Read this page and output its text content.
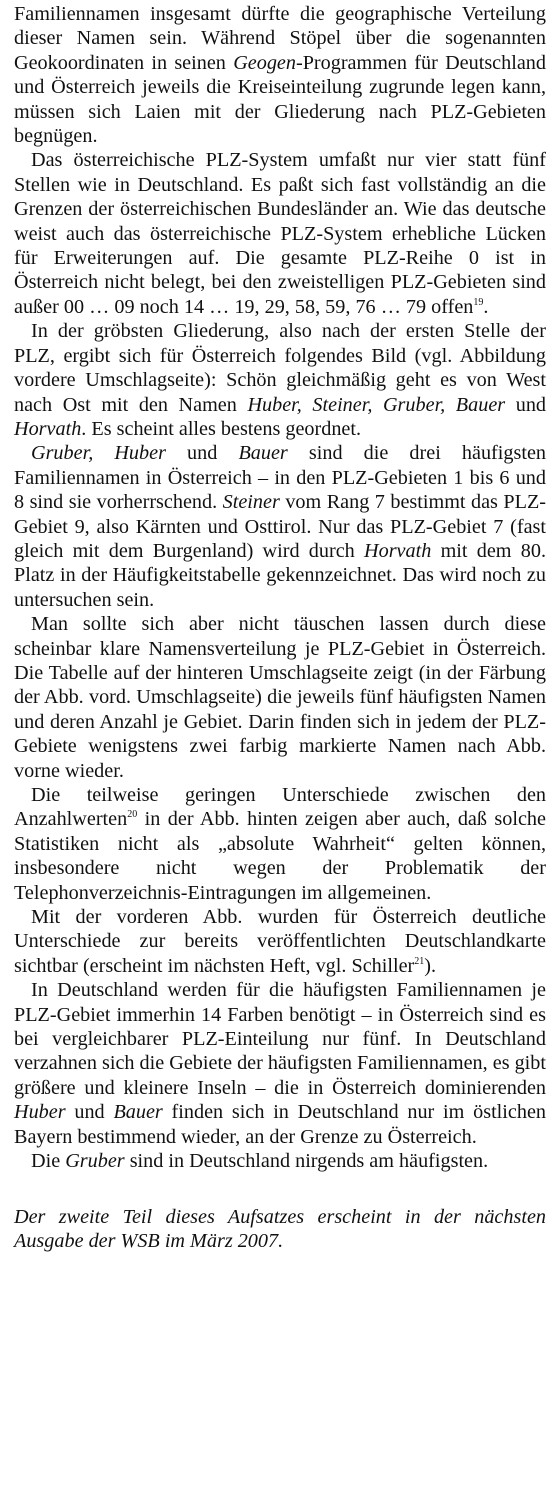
Familiennamen insgesamt dürfte die geographische Verteilung dieser Namen sein. Während Stöpel über die sogenannten Geokoordinaten in seinen Geogen-Programmen für Deutschland und Österreich jeweils die Kreiseinteilung zugrunde legen kann, müssen sich Laien mit der Gliederung nach PLZ-Gebieten begnügen.

Das österreichische PLZ-System umfaßt nur vier statt fünf Stellen wie in Deutschland. Es paßt sich fast vollständig an die Grenzen der österreichischen Bundesländer an. Wie das deutsche weist auch das österreichische PLZ-System erhebliche Lücken für Erweiterungen auf. Die gesamte PLZ-Reihe 0 ist in Österreich nicht belegt, bei den zweistelligen PLZ-Gebieten sind außer 00 … 09 noch 14 … 19, 29, 58, 59, 76 … 79 offen$^{19}$.

In der gröbsten Gliederung, also nach der ersten Stelle der PLZ, ergibt sich für Österreich folgendes Bild (vgl. Abbildung vordere Umschlagseite): Schön gleichmäßig geht es von West nach Ost mit den Namen Huber, Steiner, Gruber, Bauer und Horvath. Es scheint alles bestens geordnet.

Gruber, Huber und Bauer sind die drei häufigsten Familiennamen in Österreich – in den PLZ-Gebieten 1 bis 6 und 8 sind sie vorherrschend. Steiner vom Rang 7 bestimmt das PLZ-Gebiet 9, also Kärnten und Osttirol. Nur das PLZ-Gebiet 7 (fast gleich mit dem Burgenland) wird durch Horvath mit dem 80. Platz in der Häufigkeitstabelle gekennzeichnet. Das wird noch zu untersuchen sein.

Man sollte sich aber nicht täuschen lassen durch diese scheinbar klare Namensverteilung je PLZ-Gebiet in Österreich. Die Tabelle auf der hinteren Umschlagseite zeigt (in der Färbung der Abb. vord. Umschlagseite) die jeweils fünf häufigsten Namen und deren Anzahl je Gebiet. Darin finden sich in jedem der PLZ-Gebiete wenigstens zwei farbig markierte Namen nach Abb. vorne wieder.

Die teilweise geringen Unterschiede zwischen den Anzahlwerten$^{20}$ in der Abb. hinten zeigen aber auch, daß solche Statistiken nicht als „absolute Wahrheit“ gelten können, insbesondere nicht wegen der Problematik der Telephonverzeichnis-Eintragungen im allgemeinen.

Mit der vorderen Abb. wurden für Österreich deutliche Unterschiede zur bereits veröffentlichten Deutschlandkarte sichtbar (erscheint im nächsten Heft, vgl. Schiller$^{21}$).

In Deutschland werden für die häufigsten Familiennamen je PLZ-Gebiet immerhin 14 Farben benötigt – in Österreich sind es bei vergleichbarer PLZ-Einteilung nur fünf. In Deutschland verzahnen sich die Gebiete der häufigsten Familiennamen, es gibt größere und kleinere Inseln – die in Österreich dominierenden Huber und Bauer finden sich in Deutschland nur im östlichen Bayern bestimmend wieder, an der Grenze zu Österreich.

Die Gruber sind in Deutschland nirgends am häufigsten.

Der zweite Teil dieses Aufsatzes erscheint in der nächsten Ausgabe der WSB im März 2007.
